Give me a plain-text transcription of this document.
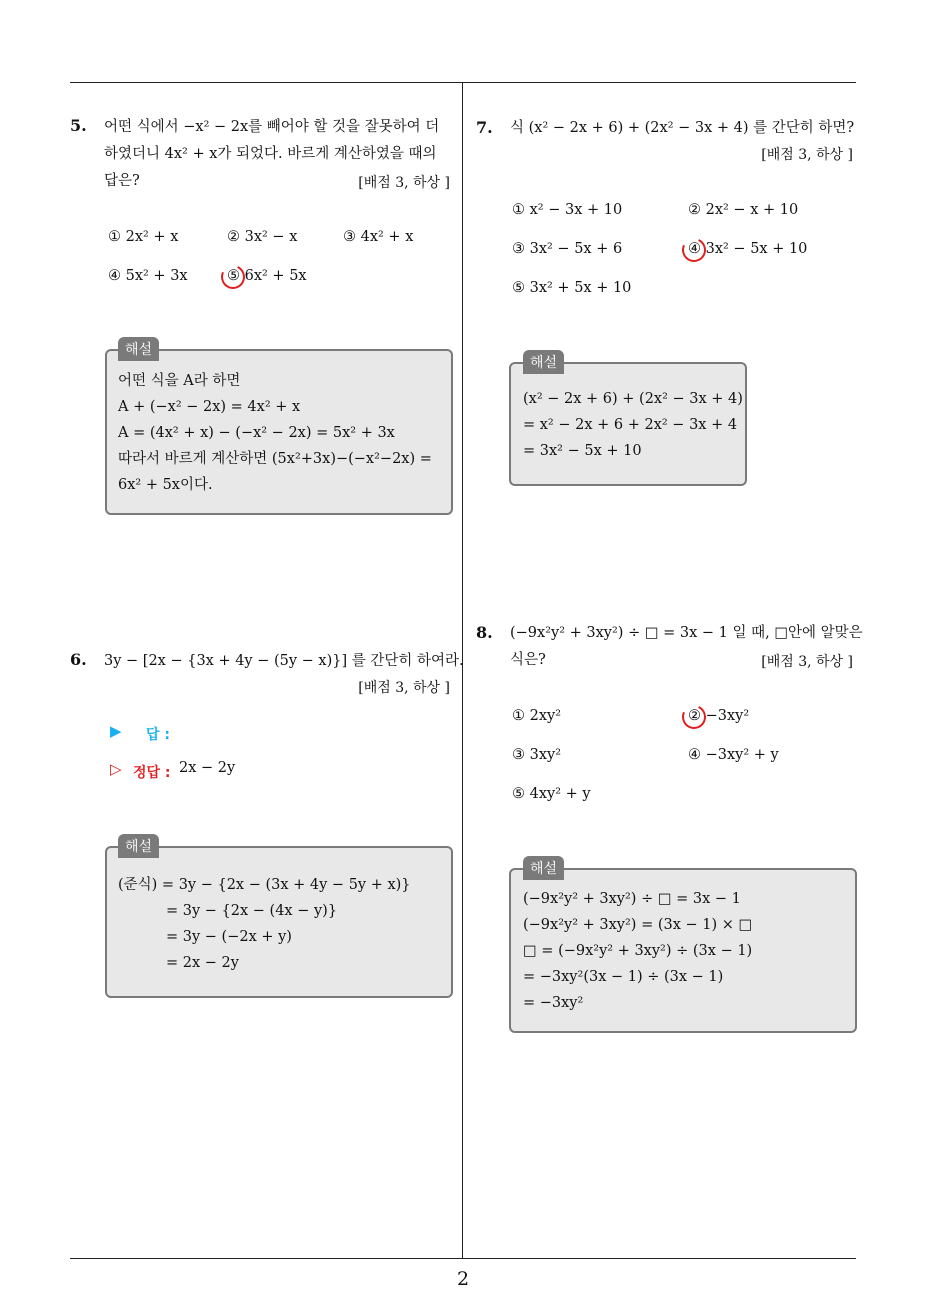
2
5. 어떤 식에서 −x² − 2x를 빼어야 할 것을 잘못하여 더
하였더니 4x² + x가 되었다. 바르게 계산하였을 때의
답은?	[배점 3, 하상 ]
① 2x² + x	② 3x² − x	③ 4x² + x
④ 5x² + 3x	⑤ 6x² + 5x
해설
어떤 식을 A라 하면
A + (−x² − 2x) = 4x² + x
A = (4x² + x) − (−x² − 2x) = 5x² + 3x
따라서 바르게 계산하면 (5x²+3x)−(−x²−2x) =
6x² + 5x이다.
6. 3y − [2x − {3x + 4y − (5y − x)}] 를 간단히 하여라.
[배점 3, 하상 ]
▶ 답 :
▷ 정답 : 2x − 2y
해설
(준식) = 3y − {2x − (3x + 4y − 5y + x)}
= 3y − {2x − (4x − y)}
= 3y − (−2x + y)
= 2x − 2y
7. 식 (x² − 2x + 6) + (2x² − 3x + 4) 를 간단히 하면?
[배점 3, 하상 ]
① x² − 3x + 10	② 2x² − x + 10
③ 3x² − 5x + 6	④ 3x² − 5x + 10
⑤ 3x² + 5x + 10
해설
(x² − 2x + 6) + (2x² − 3x + 4)
= x² − 2x + 6 + 2x² − 3x + 4
= 3x² − 5x + 10
8. (−9x²y² + 3xy²) ÷ □ = 3x − 1 일 때, □안에 알맞은
식은?	[배점 3, 하상 ]
① 2xy²	② −3xy²
③ 3xy²	④ −3xy² + y
⑤ 4xy² + y
해설
(−9x²y² + 3xy²) ÷ □ = 3x − 1
(−9x²y² + 3xy²) = (3x − 1) × □
□ = (−9x²y² + 3xy²) ÷ (3x − 1)
= −3xy²(3x − 1) ÷ (3x − 1)
= −3xy²
